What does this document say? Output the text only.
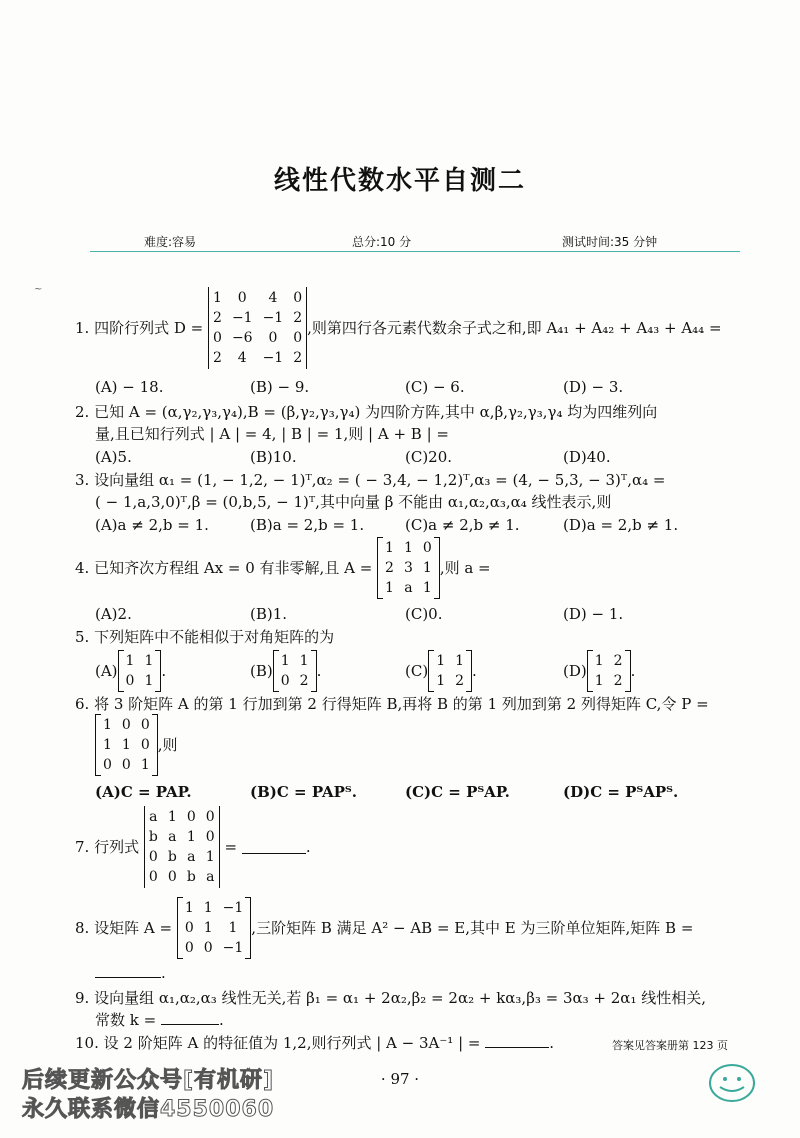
线性代数水平自测二
难度:容易	总分:10 分	测试时间:35 分钟
~
1.
四阶行列式 D =

1	0	4	0
2 −1 −1 2
0 −6	0	0
2	4	−1 2
,则第四行各元素代数余子式之和,即 A₄₁ + A₄₂ + A₄₃ + A₄₄ =
(A) − 18.	(B) − 9.	(C) − 6.	(D) − 3.
2. 已知 A = (α,γ₂,γ₃,γ₄),B = (β,γ₂,γ₃,γ₄) 为四阶方阵,其中 α,β,γ₂,γ₃,γ₄ 均为四维列向
量,且已知行列式 | A | = 4, | B | = 1,则 | A + B | =
(A)5.	(B)10.	(C)20.	(D)40.
3. 设向量组 α₁ = (1, − 1,2, − 1)ᵀ,α₂ = ( − 3,4, − 1,2)ᵀ,α₃ = (4, − 5,3, − 3)ᵀ,α₄ =
( − 1,a,3,0)ᵀ,β = (0,b,5, − 1)ᵀ,其中向量 β 不能由 α₁,α₂,α₃,α₄ 线性表示,则
(A)a ≠ 2,b = 1.	(B)a = 2,b = 1.	(C)a ≠ 2,b ≠ 1.	(D)a = 2,b ≠ 1.
4. 已知齐次方程组 Ax = 0 有非零解,且 A =

1 1 0
2 3 1
1 a 1
,则 a =
(A)2.	(B)1.	(C)0.	(D) − 1.
5. 下列矩阵中不能相似于对角矩阵的为
(A)
1 1
0 1
.	(B)
1 1
0 2
.	(C)
1 1
1 2
.	(D)
1 2
1 2
.
6. 将 3 阶矩阵 A 的第 1 行加到第 2 行得矩阵 B,再将 B 的第 1 列加到第 2 列得矩阵 C,令 P =
1 0 0
1 1 0
0 0 1
,则
(A)C = PAP.	(B)C = PAPᵀ.	(C)C = PᵀAP.	(D)C = PᵀAPᵀ.
7. 行列式

a 1 0 0
b a 1 0
0 b a 1
0 0 b a

=
	.
8. 设矩阵 A =

1 1 −1
0 1	1
0 0 −1
,三阶矩阵 B 满足 A² − AB = E,其中 E 为三阶单位矩阵,矩阵 B =
.
9. 设向量组 α₁,α₂,α₃ 线性无关,若 β₁ = α₁ + 2α₂,β₂ = 2α₂ + kα₃,β₃ = 3α₃ + 2α₁ 线性相关,
常数 k =	.
10. 设 2 阶矩阵 A 的特征值为 1,2,则行列式 | A − 3A⁻¹ | =	.	答案见答案册第 123 页
· 97 ·
后续更新公众号[有机研]
永久联系微信4550060
